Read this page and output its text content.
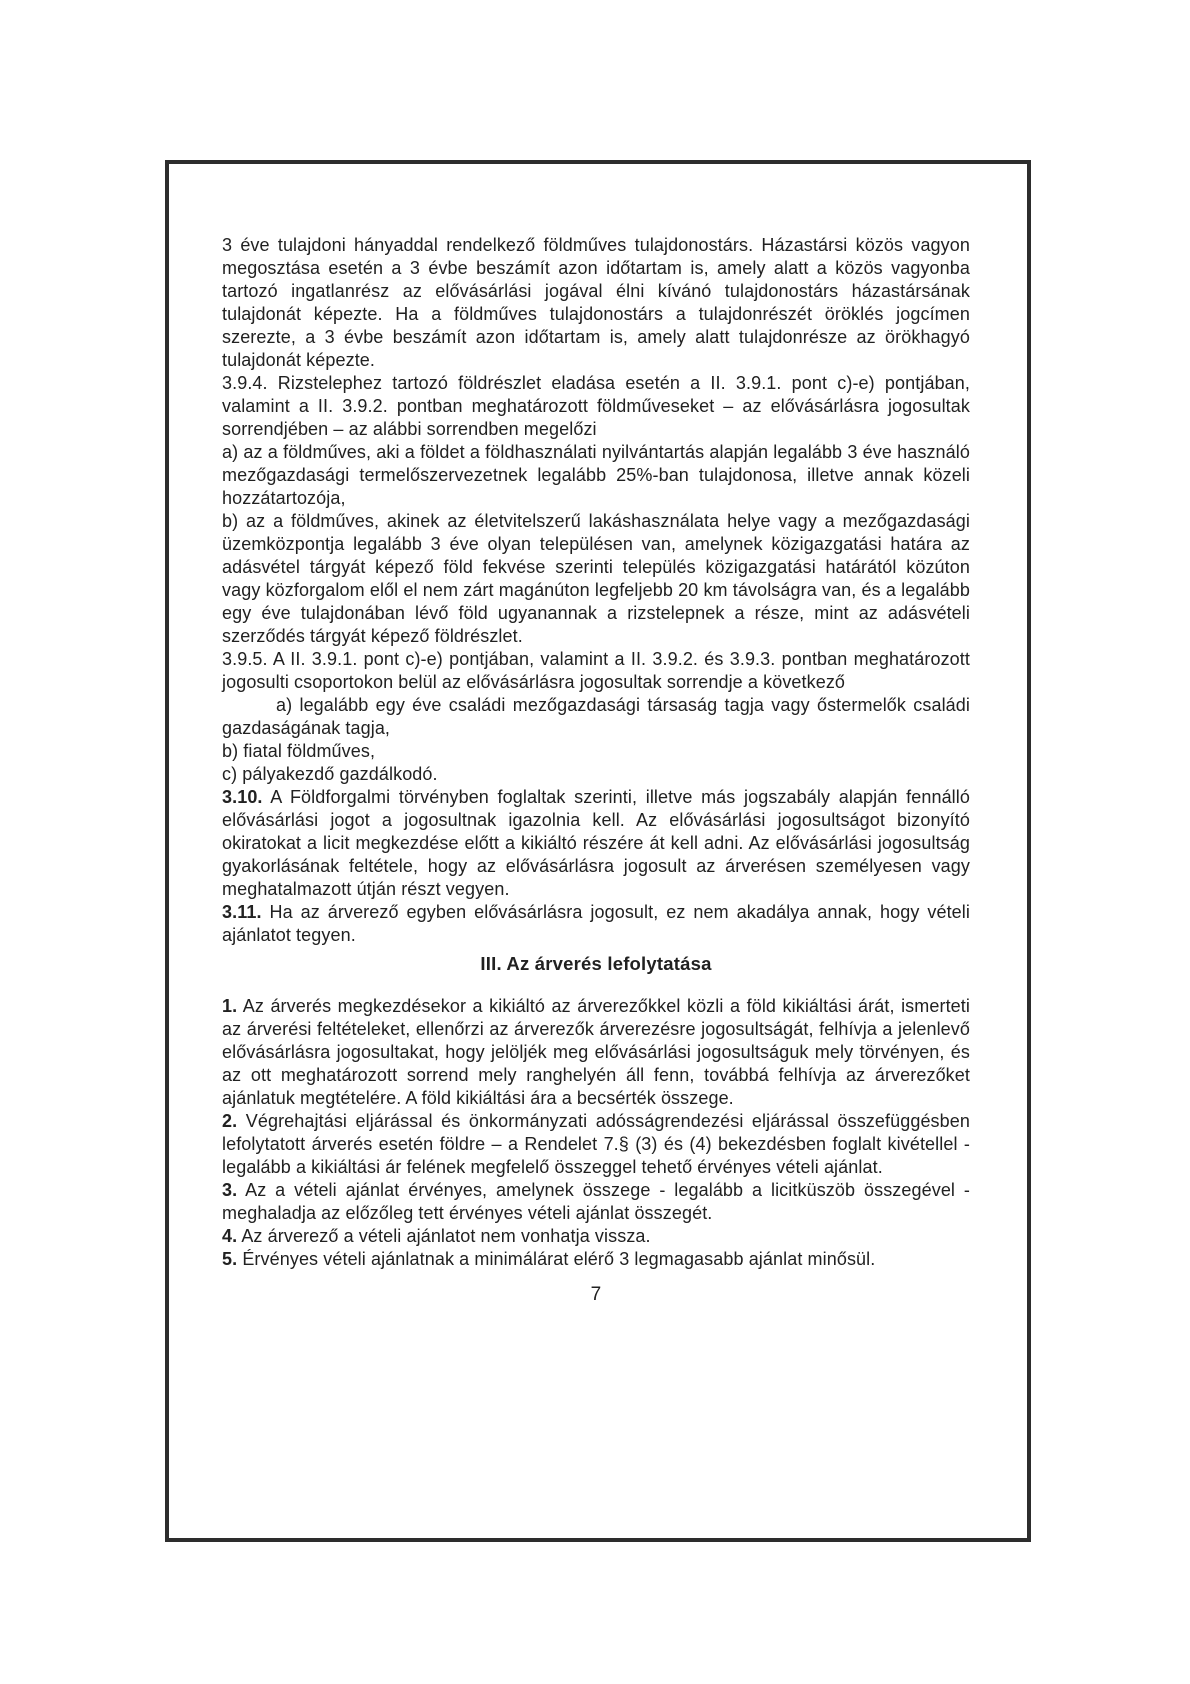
3 éve tulajdoni hányaddal rendelkező földműves tulajdonostárs. Házastársi közös vagyon megosztása esetén a 3 évbe beszámít azon időtartam is, amely alatt a közös vagyonba tartozó ingatlanrész az elővásárlási jogával élni kívánó tulajdonostárs házastársának tulajdonát képezte. Ha a földműves tulajdonostárs a tulajdonrészét öröklés jogcímen szerezte, a 3 évbe beszámít azon időtartam is, amely alatt tulajdonrésze az örökhagyó tulajdonát képezte.

3.9.4. Rizstelephez tartozó földrészlet eladása esetén a II. 3.9.1. pont c)-e) pontjában, valamint a II. 3.9.2. pontban meghatározott földműveseket – az elővásárlásra jogosultak sorrendjében – az alábbi sorrendben megelőzi

a) az a földműves, aki a földet a földhasználati nyilvántartás alapján legalább 3 éve használó mezőgazdasági termelőszervezetnek legalább 25%-ban tulajdonosa, illetve annak közeli hozzátartozója,

b) az a földműves, akinek az életvitelszerű lakáshasználata helye vagy a mezőgazdasági üzemközpontja legalább 3 éve olyan településen van, amelynek közigazgatási határa az adásvétel tárgyát képező föld fekvése szerinti település közigazgatási határától közúton vagy közforgalom elől el nem zárt magánúton legfeljebb 20 km távolságra van, és a legalább egy éve tulajdonában lévő föld ugyanannak a rizstelepnek a része, mint az adásvételi szerződés tárgyát képező földrészlet.

3.9.5. A II. 3.9.1. pont c)-e) pontjában, valamint a II. 3.9.2. és 3.9.3. pontban meghatározott jogosulti csoportokon belül az elővásárlásra jogosultak sorrendje a következő

a) legalább egy éve családi mezőgazdasági társaság tagja vagy őstermelők családi gazdaságának tagja,

b) fiatal földműves,

c) pályakezdő gazdálkodó.

3.10. A Földforgalmi törvényben foglaltak szerinti, illetve más jogszabály alapján fennálló elővásárlási jogot a jogosultnak igazolnia kell. Az elővásárlási jogosultságot bizonyító okiratokat a licit megkezdése előtt a kikiáltó részére át kell adni. Az elővásárlási jogosultság gyakorlásának feltétele, hogy az elővásárlásra jogosult az árverésen személyesen vagy meghatalmazott útján részt vegyen.

3.11. Ha az árverező egyben elővásárlásra jogosult, ez nem akadálya annak, hogy vételi ajánlatot tegyen.

III. Az árverés lefolytatása

1. Az árverés megkezdésekor a kikiáltó az árverezőkkel közli a föld kikiáltási árát, ismerteti az árverési feltételeket, ellenőrzi az árverezők árverezésre jogosultságát, felhívja a jelenlevő elővásárlásra jogosultakat, hogy jelöljék meg elővásárlási jogosultságuk mely törvényen, és az ott meghatározott sorrend mely ranghelyén áll fenn, továbbá felhívja az árverezőket ajánlatuk megtételére. A föld kikiáltási ára a becsérték összege.

2. Végrehajtási eljárással és önkormányzati adósságrendezési eljárással összefüggésben lefolytatott árverés esetén földre – a Rendelet 7.§ (3) és (4) bekezdésben foglalt kivétellel - legalább a kikiáltási ár felének megfelelő összeggel tehető érvényes vételi ajánlat.

3. Az a vételi ajánlat érvényes, amelynek összege - legalább a licitküszöb összegével - meghaladja az előzőleg tett érvényes vételi ajánlat összegét.

4. Az árverező a vételi ajánlatot nem vonhatja vissza.

5. Érvényes vételi ajánlatnak a minimálárat elérő 3 legmagasabb ajánlat minősül.

7
